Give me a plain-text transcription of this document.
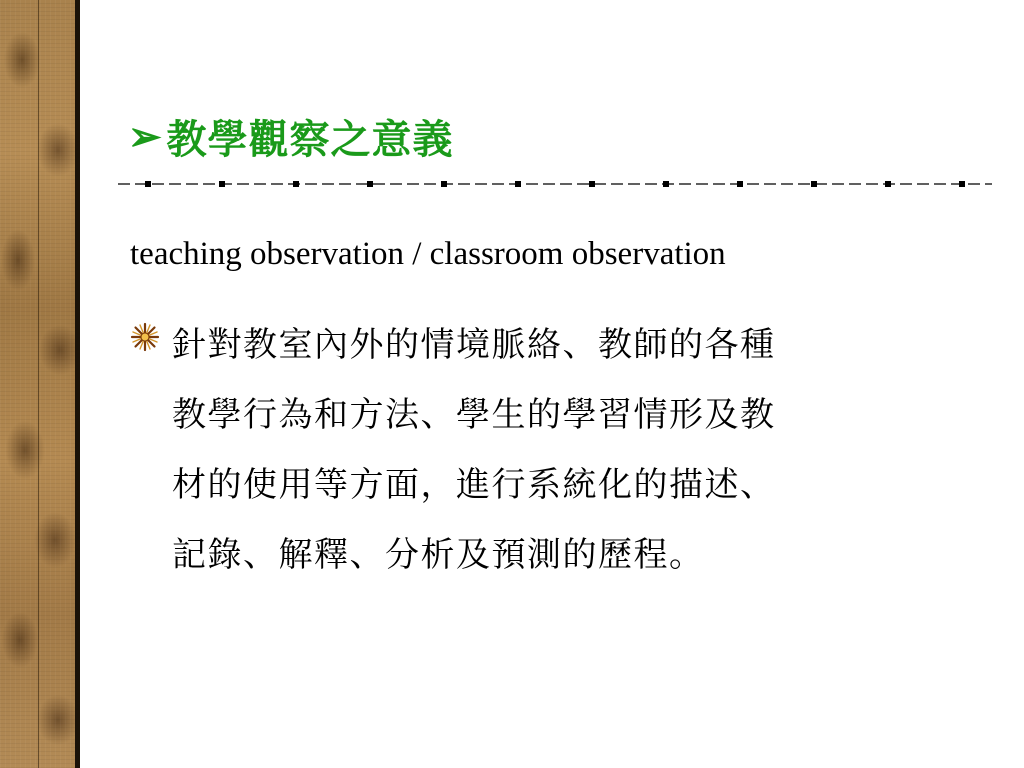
➢ 教學觀察之意義
teaching observation / classroom observation
針對教室內外的情境脈絡、教師的各種
教學行為和方法、學生的學習情形及教
材的使用等方面，進行系統化的描述、
記錄、解釋、分析及預測的歷程。
